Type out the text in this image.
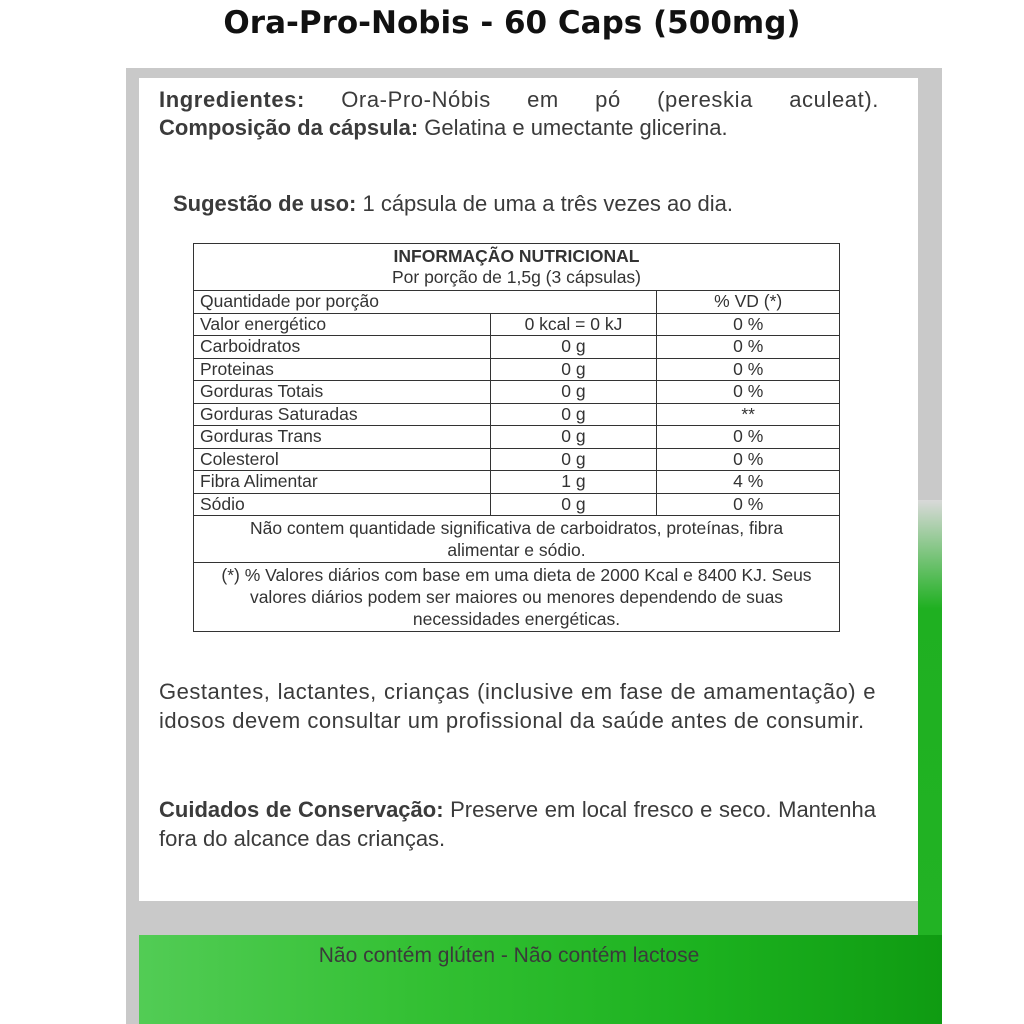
Ora-Pro-Nobis - 60 Caps (500mg)
Ingredientes: Ora-Pro-Nóbis em pó (pereskia aculeat).
Composição da cápsula: Gelatina e umectante glicerina.
Sugestão de uso: 1 cápsula de uma a três vezes ao dia.
INFORMAÇÃO NUTRICIONAL
Por porção de 1,5g (3 cápsulas)		

Quantidade por porção		% VD (*)
Valor energético	0 kcal = 0 kJ	0 %
Carboidratos	0 g	0 %
Proteinas	0 g	0 %
Gorduras Totais	0 g	0 %
Gorduras Saturadas	0 g	**
Gorduras Trans	0 g	0 %
Colesterol	0 g	0 %
Fibra Alimentar	1 g	4 %
Sódio	0 g	0 %
Não contem quantidade significativa de carboidratos, proteínas, fibra alimentar e sódio.		
(*) % Valores diários com base em uma dieta de 2000 Kcal e 8400 KJ. Seus valores diários podem ser maiores ou menores dependendo de suas necessidades energéticas.		
Gestantes, lactantes, crianças (inclusive em fase de amamentação) e idosos devem consultar um profissional da saúde antes de consumir.
Cuidados de Conservação: Preserve em local fresco e seco. Mantenha fora do alcance das crianças.
Não contém glúten - Não contém lactose
